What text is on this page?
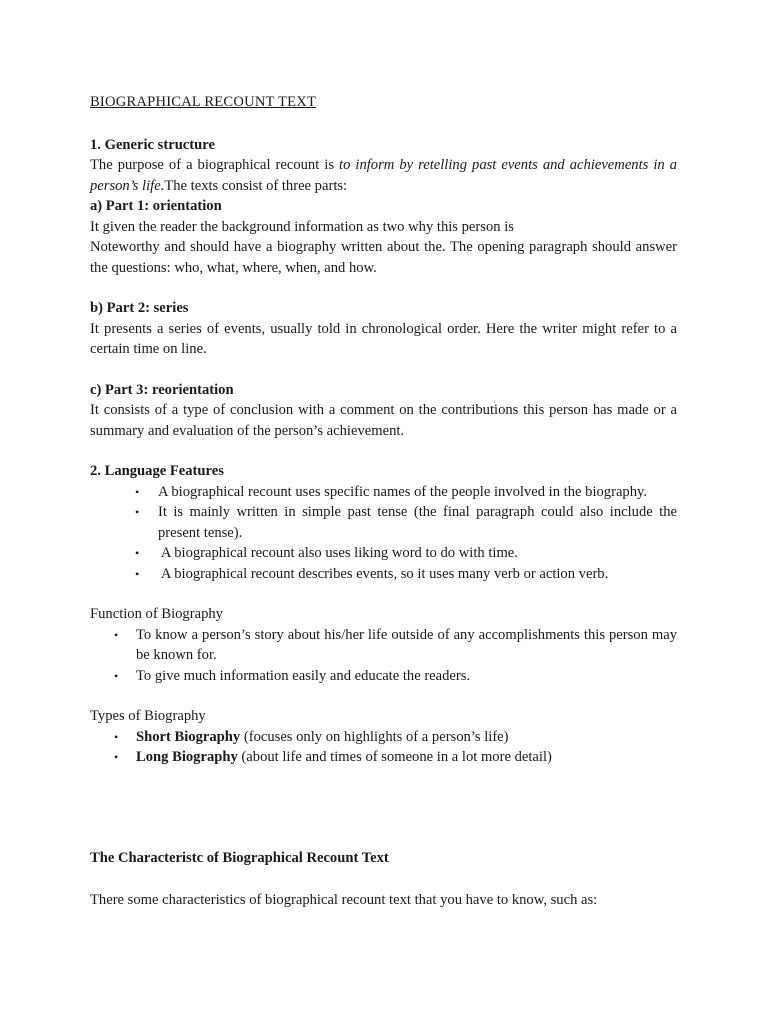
BIOGRAPHICAL RECOUNT TEXT

1. Generic structure

The purpose of a biographical recount is to inform by retelling past events and achievements in a person’s life.The texts consist of three parts:

a) Part 1: orientation

It given the reader the background information as two why this person is

Noteworthy and should have a biography written about the. The opening paragraph should answer the questions: who, what, where, when, and how.

b) Part 2: series

It presents a series of events, usually told in chronological order. Here the writer might refer to a certain time on line.

c) Part 3: reorientation

It consists of a type of conclusion with a comment on the contributions this person has made or a summary and evaluation of the person’s achievement.

2. Language Features

• A biographical recount uses specific names of the people involved in the biography.
• It is mainly written in simple past tense (the final paragraph could also include the present tense).
• A biographical recount also uses liking word to do with time.
• A biographical recount describes events, so it uses many verb or action verb.

Function of Biography

• To know a person’s story about his/her life outside of any accomplishments this person may be known for.
• To give much information easily and educate the readers.

Types of Biography

• Short Biography (focuses only on highlights of a person’s life)
• Long Biography (about life and times of someone in a lot more detail)

The Characteristc of Biographical Recount Text

There some characteristics of biographical recount text that you have to know, such as:
